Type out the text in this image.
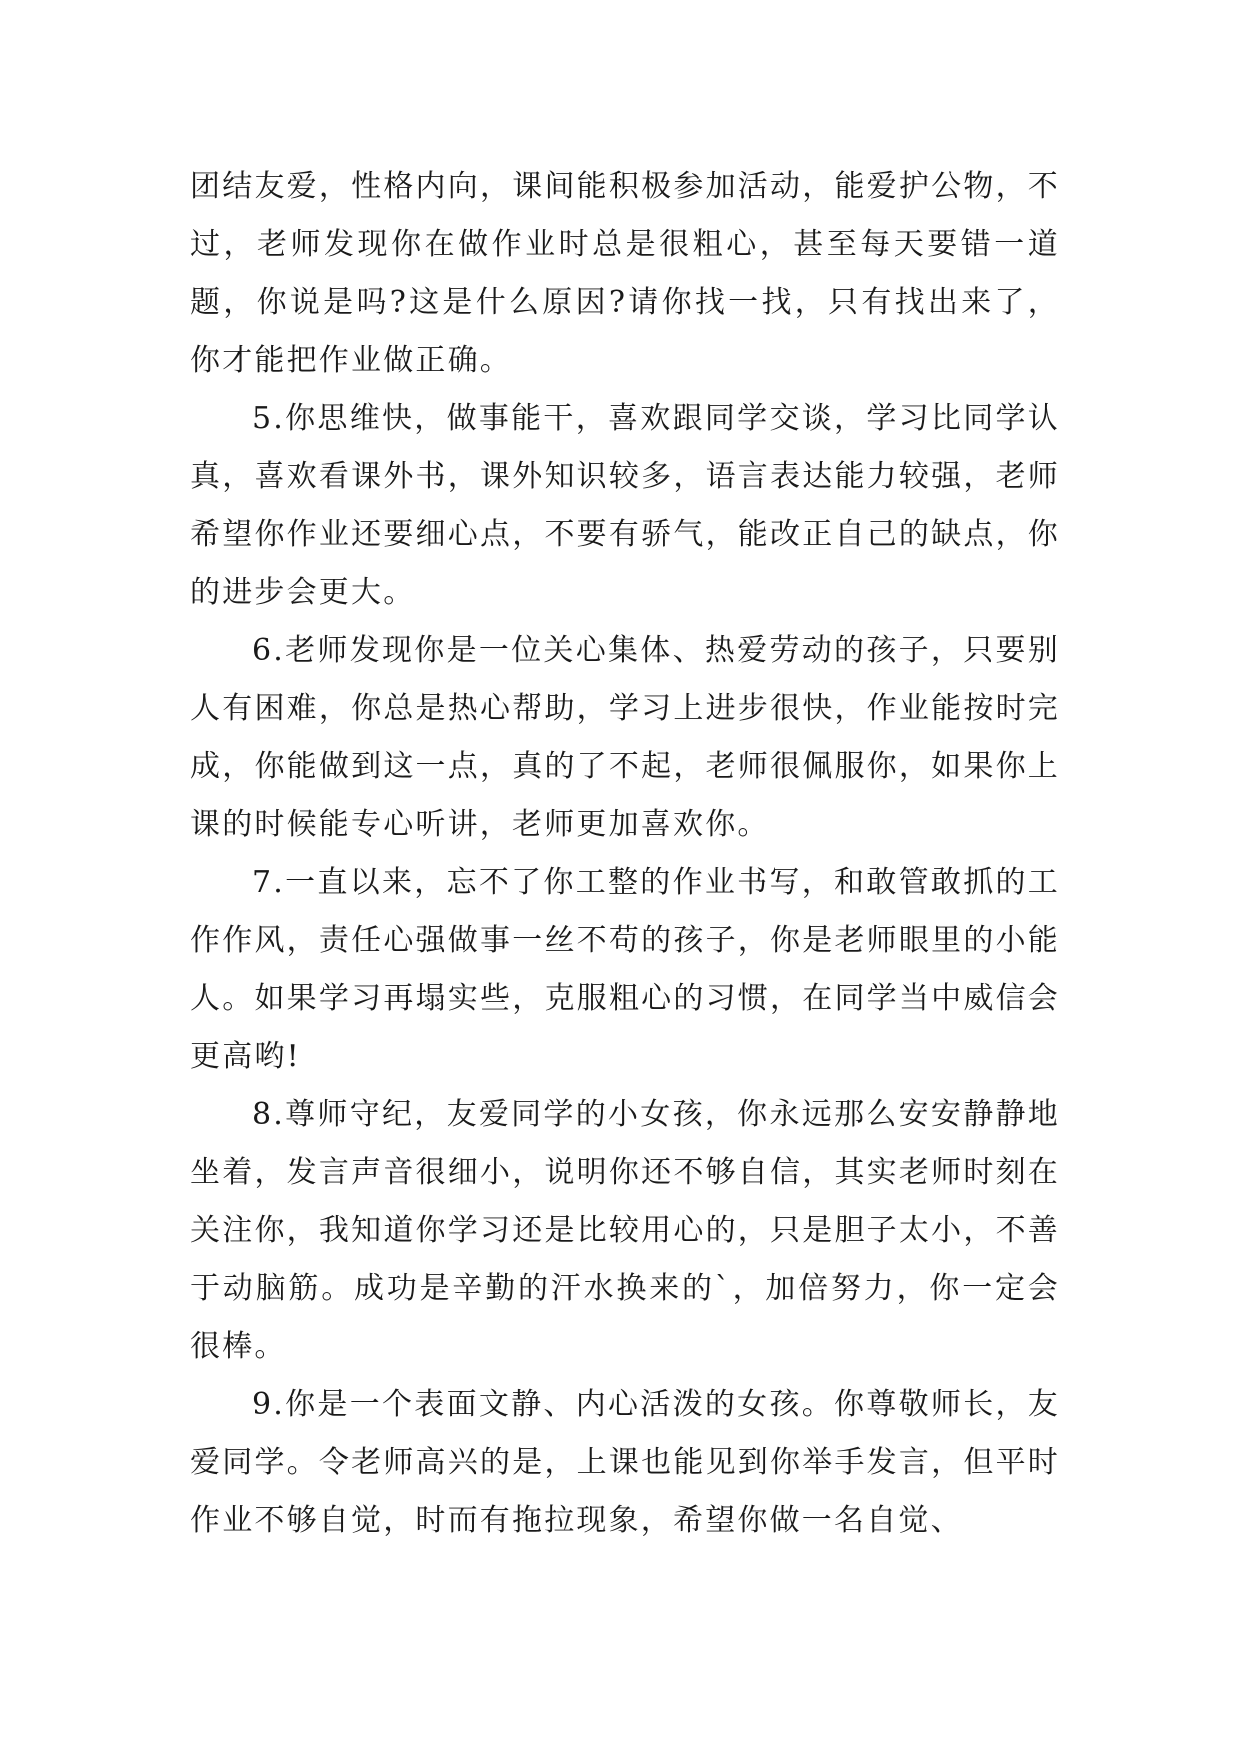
团结友爱，性格内向，课间能积极参加活动，能爱护公物，不过，老师发现你在做作业时总是很粗心，甚至每天要错一道题，你说是吗?这是什么原因?请你找一找，只有找出来了，你才能把作业做正确。

5.你思维快，做事能干，喜欢跟同学交谈，学习比同学认真，喜欢看课外书，课外知识较多，语言表达能力较强，老师希望你作业还要细心点，不要有骄气，能改正自己的缺点，你的进步会更大。

6.老师发现你是一位关心集体、热爱劳动的孩子，只要别人有困难，你总是热心帮助，学习上进步很快，作业能按时完成，你能做到这一点，真的了不起，老师很佩服你，如果你上课的时候能专心听讲，老师更加喜欢你。

7.一直以来，忘不了你工整的作业书写，和敢管敢抓的工作作风，责任心强做事一丝不苟的孩子，你是老师眼里的小能人。如果学习再塌实些，克服粗心的习惯，在同学当中威信会更高哟!

8.尊师守纪，友爱同学的小女孩，你永远那么安安静静地坐着，发言声音很细小，说明你还不够自信，其实老师时刻在关注你，我知道你学习还是比较用心的，只是胆子太小，不善于动脑筋。成功是辛勤的汗水换来的`，加倍努力，你一定会很棒。

9.你是一个表面文静、内心活泼的女孩。你尊敬师长，友爱同学。令老师高兴的是，上课也能见到你举手发言，但平时作业不够自觉，时而有拖拉现象，希望你做一名自觉、
